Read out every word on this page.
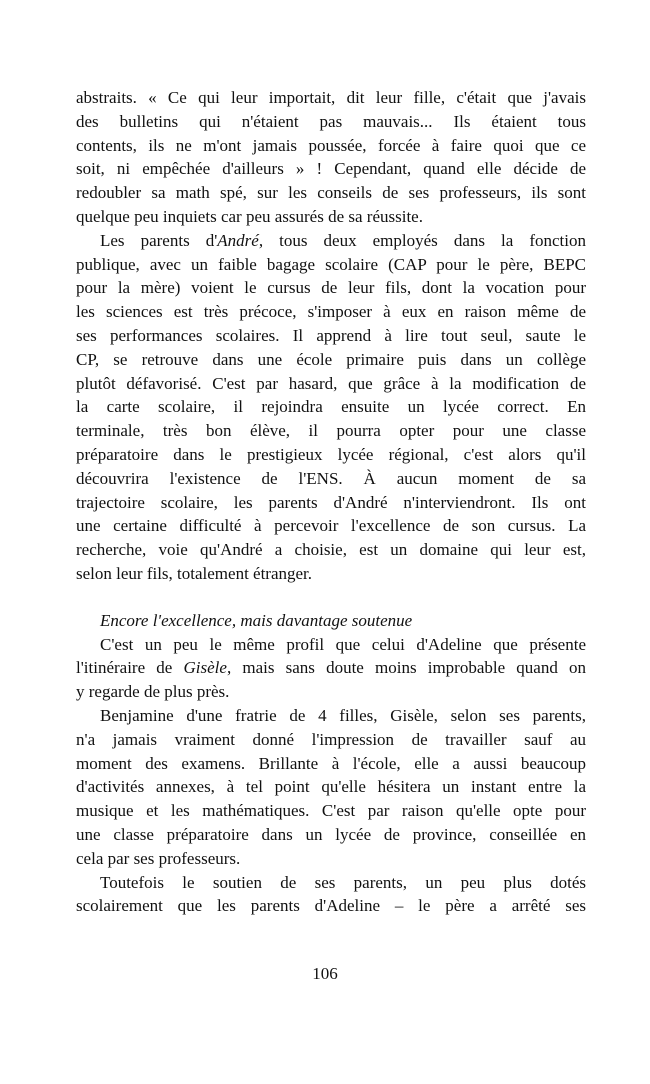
abstraits. « Ce qui leur importait, dit leur fille, c'était que j'avais
des bulletins qui n'étaient pas mauvais... Ils étaient tous
contents, ils ne m'ont jamais poussée, forcée à faire quoi que ce
soit, ni empêchée d'ailleurs » ! Cependant, quand elle décide de
redoubler sa math spé, sur les conseils de ses professeurs, ils sont
quelque peu inquiets car peu assurés de sa réussite.
Les parents d'André, tous deux employés dans la fonction
publique, avec un faible bagage scolaire (CAP pour le père, BEPC
pour la mère) voient le cursus de leur fils, dont la vocation pour
les sciences est très précoce, s'imposer à eux en raison même de
ses performances scolaires. Il apprend à lire tout seul, saute le
CP, se retrouve dans une école primaire puis dans un collège
plutôt défavorisé. C'est par hasard, que grâce à la modification de
la carte scolaire, il rejoindra ensuite un lycée correct. En
terminale, très bon élève, il pourra opter pour une classe
préparatoire dans le prestigieux lycée régional, c'est alors qu'il
découvrira l'existence de l'ENS. À aucun moment de sa
trajectoire scolaire, les parents d'André n'interviendront. Ils ont
une certaine difficulté à percevoir l'excellence de son cursus. La
recherche, voie qu'André a choisie, est un domaine qui leur est,
selon leur fils, totalement étranger.
Encore l'excellence, mais davantage soutenue
C'est un peu le même profil que celui d'Adeline que présente
l'itinéraire de Gisèle, mais sans doute moins improbable quand on
y regarde de plus près.
Benjamine d'une fratrie de 4 filles, Gisèle, selon ses parents,
n'a jamais vraiment donné l'impression de travailler sauf au
moment des examens. Brillante à l'école, elle a aussi beaucoup
d'activités annexes, à tel point qu'elle hésitera un instant entre la
musique et les mathématiques. C'est par raison qu'elle opte pour
une classe préparatoire dans un lycée de province, conseillée en
cela par ses professeurs.
Toutefois le soutien de ses parents, un peu plus dotés
scolairement que les parents d'Adeline – le père a arrêté ses
106
